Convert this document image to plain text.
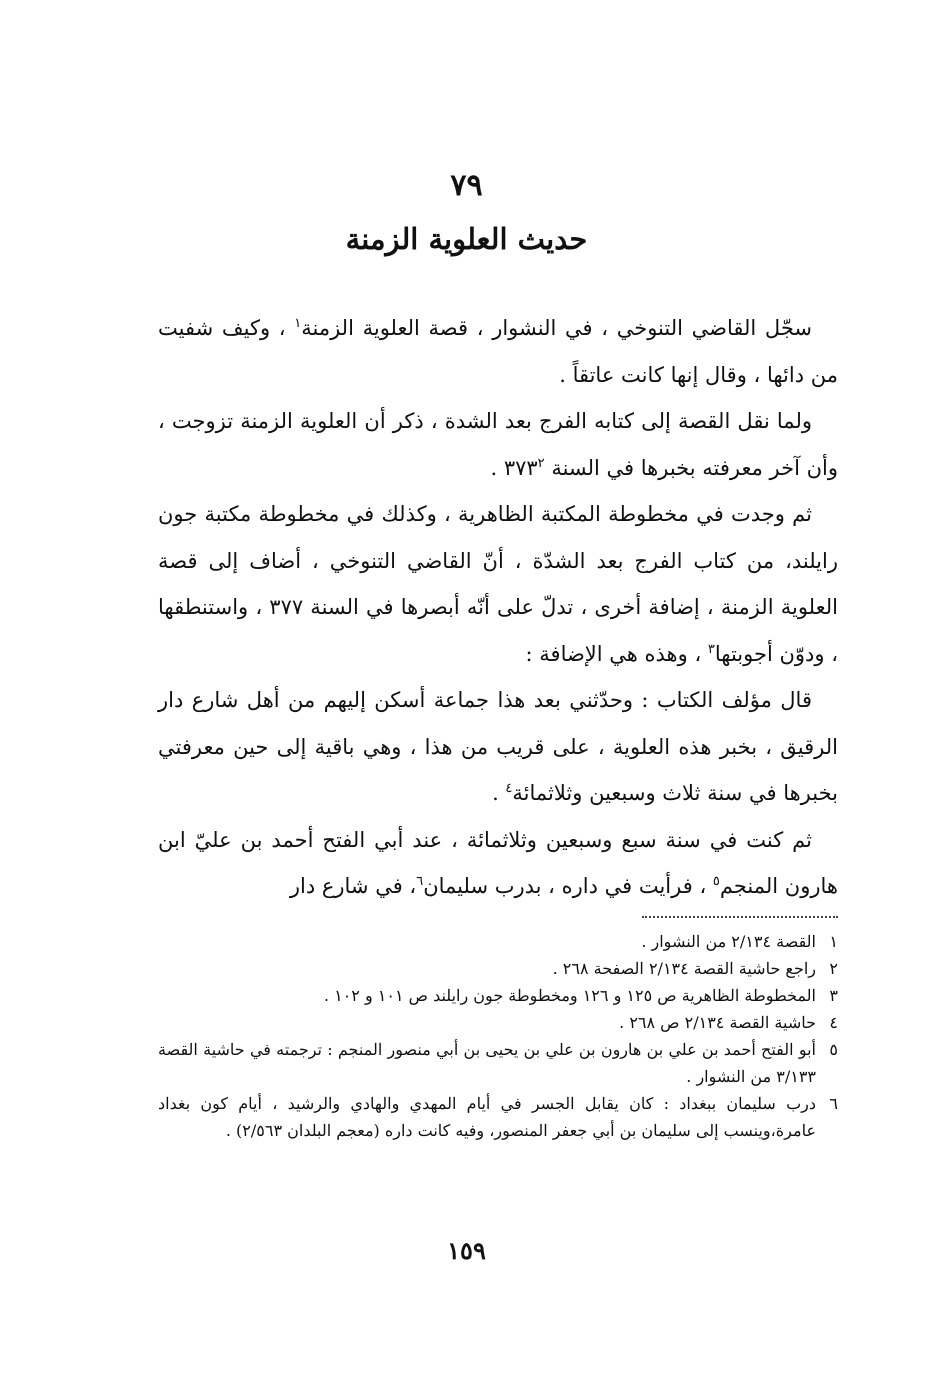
٧٩
حديث العلوية الزمنة

سجّل القاضي التنوخي ، في النشوار ، قصة العلوية الزمنة$^١$ ، وكيف شفيت من دائها ، وقال إنها كانت عاتقاً .

ولما نقل القصة إلى كتابه الفرج بعد الشدة ، ذكر أن العلوية الزمنة تزوجت ، وأن آخر معرفته بخبرها في السنة $٣٧٣^٢$ .

ثم وجدت في مخطوطة المكتبة الظاهرية ، وكذلك في مخطوطة مكتبة جون رايلند، من كتاب الفرج بعد الشدّة ، أنّ القاضي التنوخي ، أضاف إلى قصة العلوية الزمنة ، إضافة أخرى ، تدلّ على أنّه أبصرها في السنة ٣٧٧ ، واستنطقها ، ودوّن أجوبتها$^٣$ ، وهذه هي الإضافة :

قال مؤلف الكتاب : وحدّثني بعد هذا جماعة أسكن إليهم من أهل شارع دار الرقيق ، بخبر هذه العلوية ، على قريب من هذا ، وهي باقية إلى حين معرفتي بخبرها في سنة ثلاث وسبعين وثلاثمائة$^٤$ .

ثم كنت في سنة سبع وسبعين وثلاثمائة ، عند أبي الفتح أحمد بن عليّ ابن هارون المنجم$^٥$ ، فرأيت في داره ، بدرب سليمان$^٦$، في شارع دار

١
القصة ٢/١٣٤ من النشوار .
٢
راجع حاشية القصة ٢/١٣٤ الصفحة ٢٦٨ .
٣
المخطوطة الظاهرية ص ١٢٥ و ١٢٦ ومخطوطة جون رايلند ص ١٠١ و ١٠٢ .
٤
حاشية القصة ٢/١٣٤ ص ٢٦٨ .
٥
أبو الفتح أحمد بن علي بن هارون بن علي بن يحيى بن أبي منصور المنجم : ترجمته في حاشية القصة ٣/١٣٣ من النشوار .
٦
درب سليمان ببغداد : كان يقابل الجسر في أيام المهدي والهادي والرشيد ، أيام كون بغداد عامرة،وينسب إلى سليمان بن أبي جعفر المنصور، وفيه كانت داره (معجم البلدان ٢/٥٦٣) .
١٥٩
